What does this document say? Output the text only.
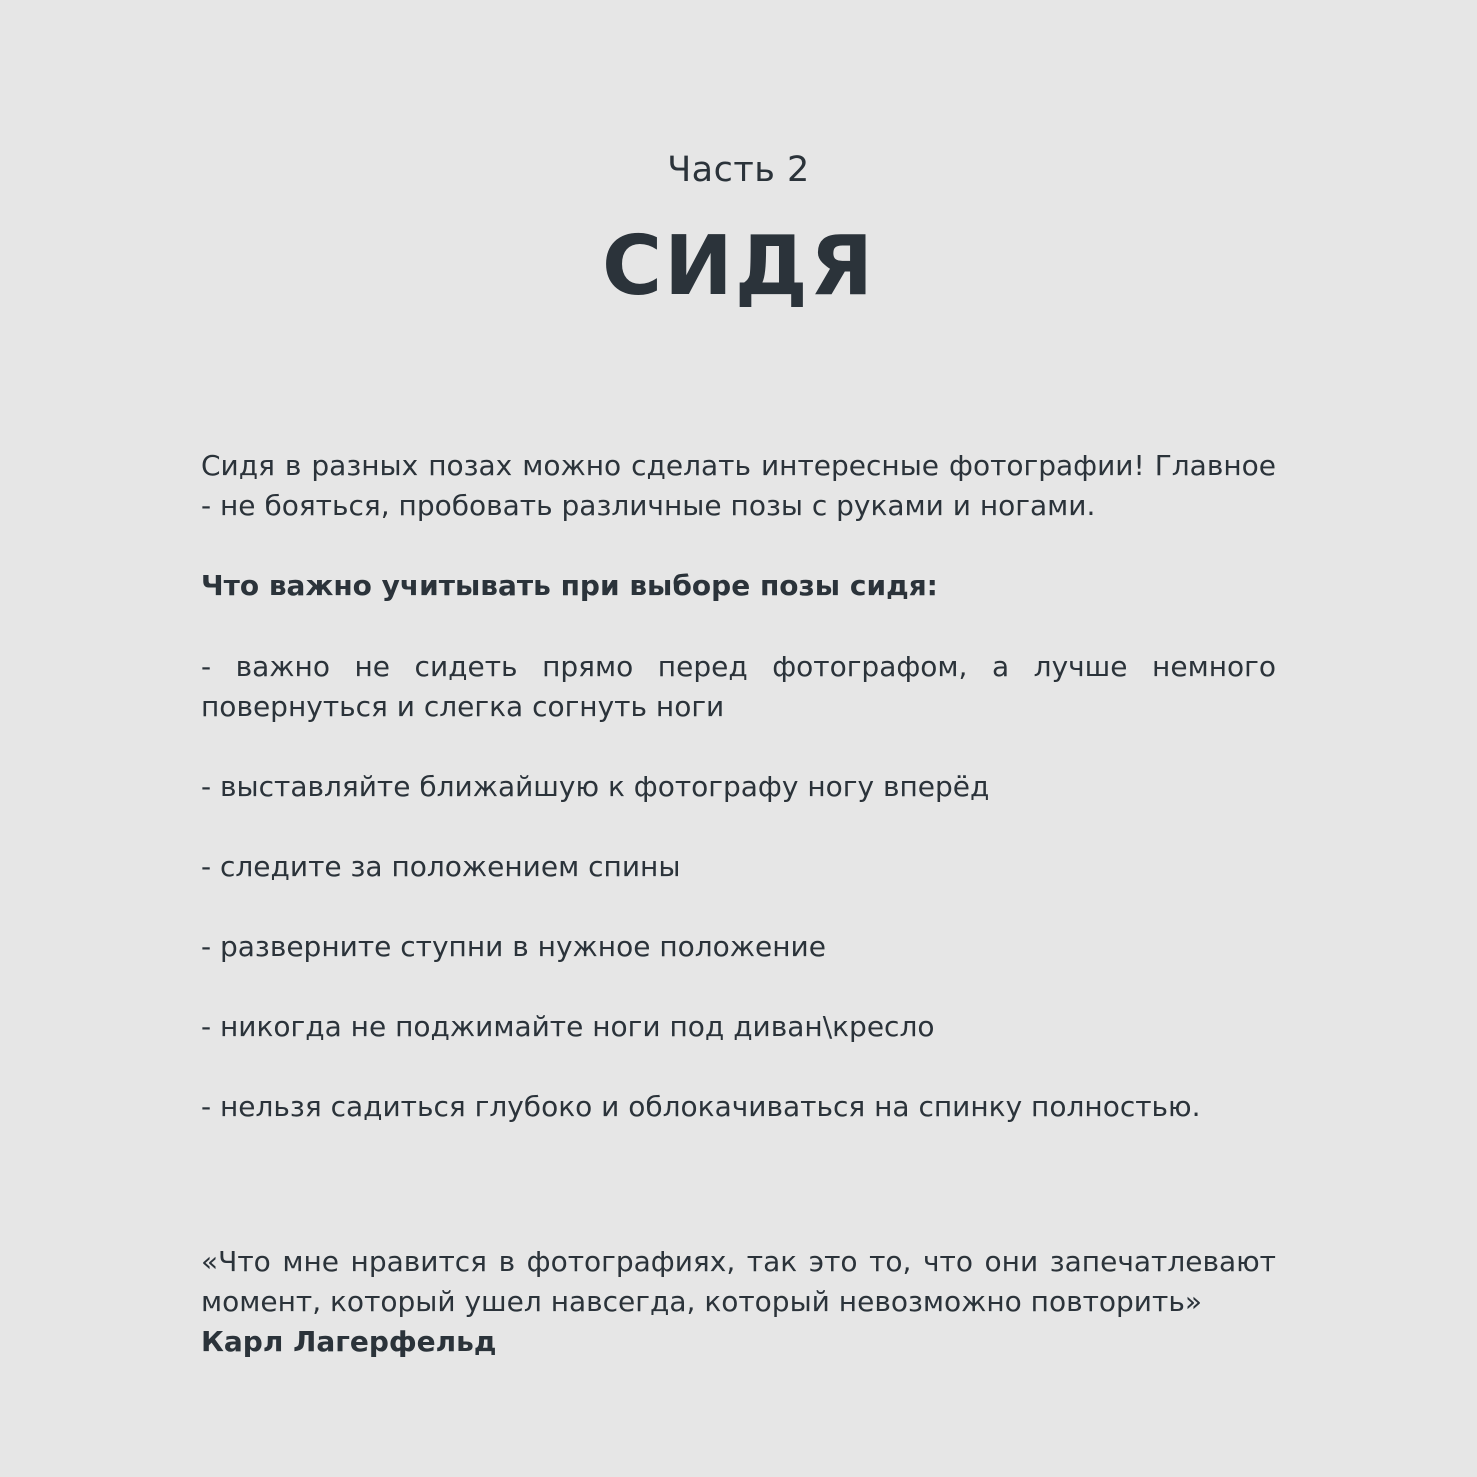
Часть 2
СИДЯ

Сидя в разных позах можно сделать интересные фотографии! Главное - не бояться, пробовать различные позы с руками и ногами.

Что важно учитывать при выборе позы сидя:

- важно не сидеть прямо перед фотографом, а лучше немного повернуться и слегка согнуть ноги

- выставляйте ближайшую к фотографу ногу вперёд

- следите за положением спины

- разверните ступни в нужное положение

- никогда не поджимайте ноги под диван\кресло

- нельзя садиться глубоко и облокачиваться на спинку полностью.

«Что мне нравится в фотографиях, так это то, что они запечатлевают момент, который ушел навсегда, который невозможно повторить»

Карл Лагерфельд
